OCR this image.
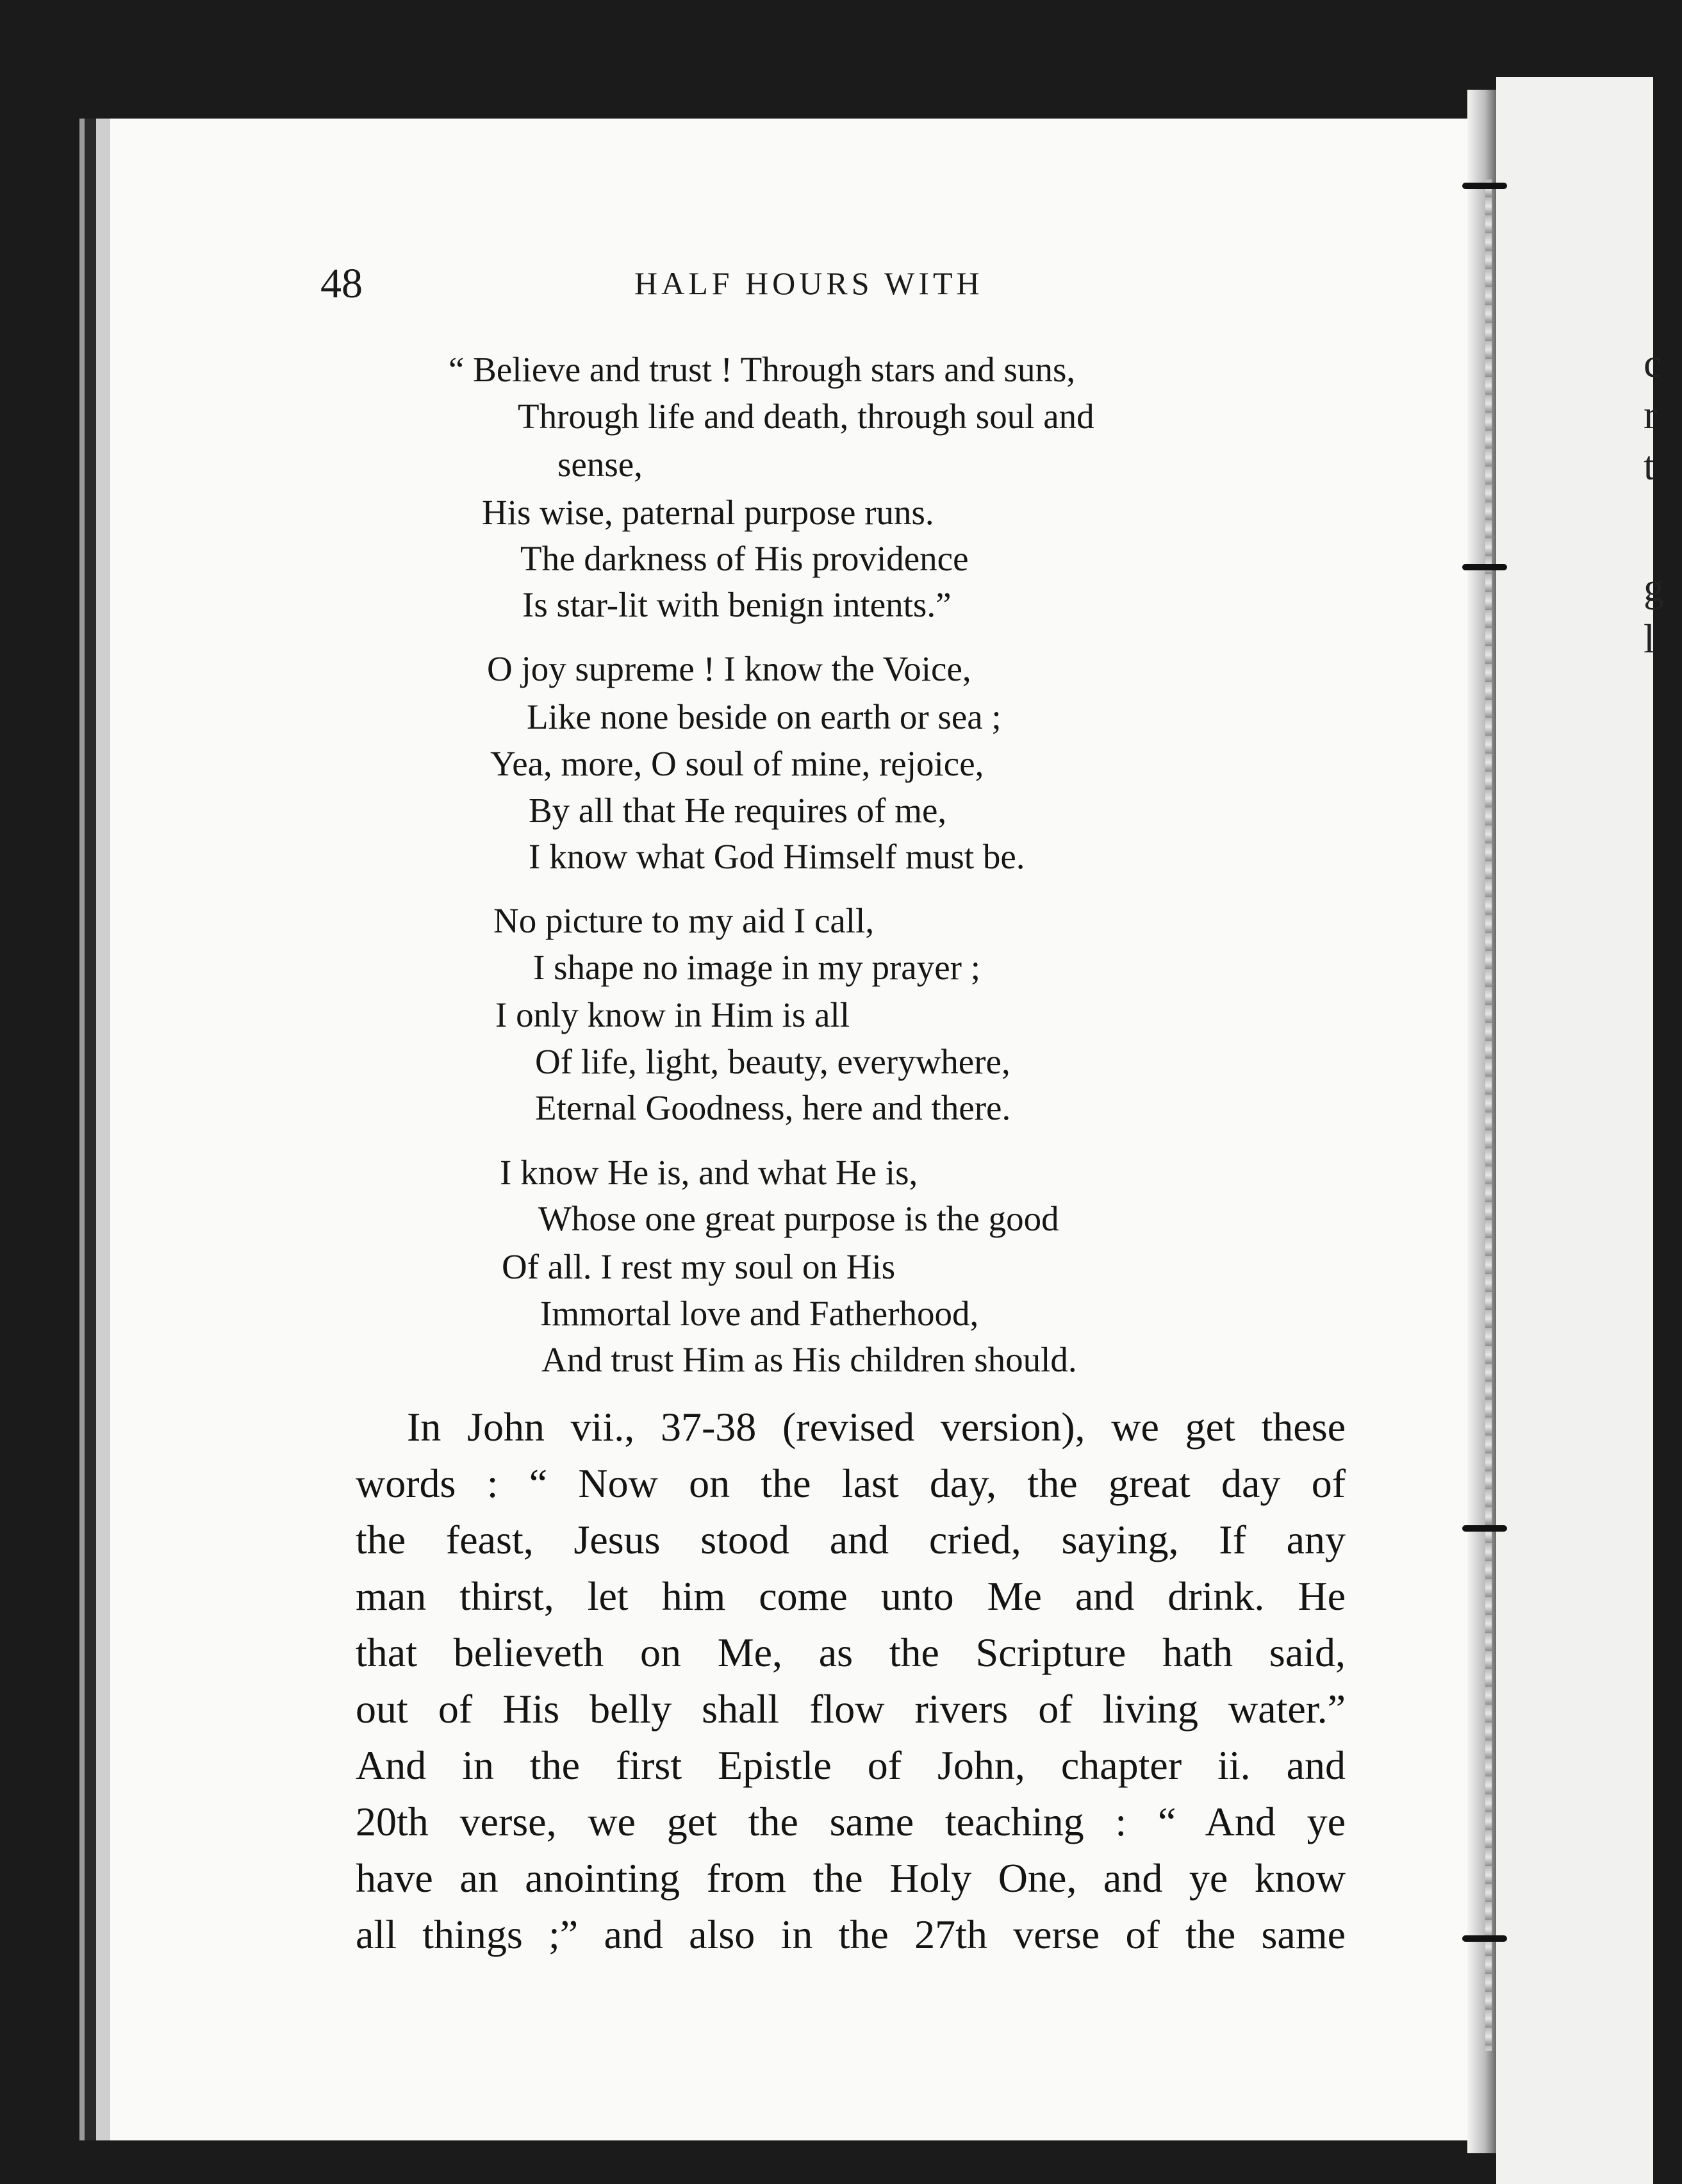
c
r
t
g
l
48	HALF HOURS WITH
“ Believe and trust ! Through stars and suns,
Through life and death, through soul and
sense,
His wise, paternal purpose runs.
The darkness of His providence
Is star-lit with benign intents.”
O joy supreme ! I know the Voice,
Like none beside on earth or sea ;
Yea, more, O soul of mine, rejoice,
By all that He requires of me,
I know what God Himself must be.
No picture to my aid I call,
I shape no image in my prayer ;
I only know in Him is all
Of life, light, beauty, everywhere,
Eternal Goodness, here and there.
I know He is, and what He is,
Whose one great purpose is the good
Of all. I rest my soul on His
Immortal love and Fatherhood,
And trust Him as His children should.
In John vii., 37-38 (revised version), we get these
words : “ Now on the last day, the great day of
the feast, Jesus stood and cried, saying, If any
man thirst, let him come unto Me and drink. He
that believeth on Me, as the Scripture hath said,
out of His belly shall flow rivers of living water.”
And in the first Epistle of John, chapter ii. and
20th verse, we get the same teaching : “ And ye
have an anointing from the Holy One, and ye know
all things ;” and also in the 27th verse of the same
